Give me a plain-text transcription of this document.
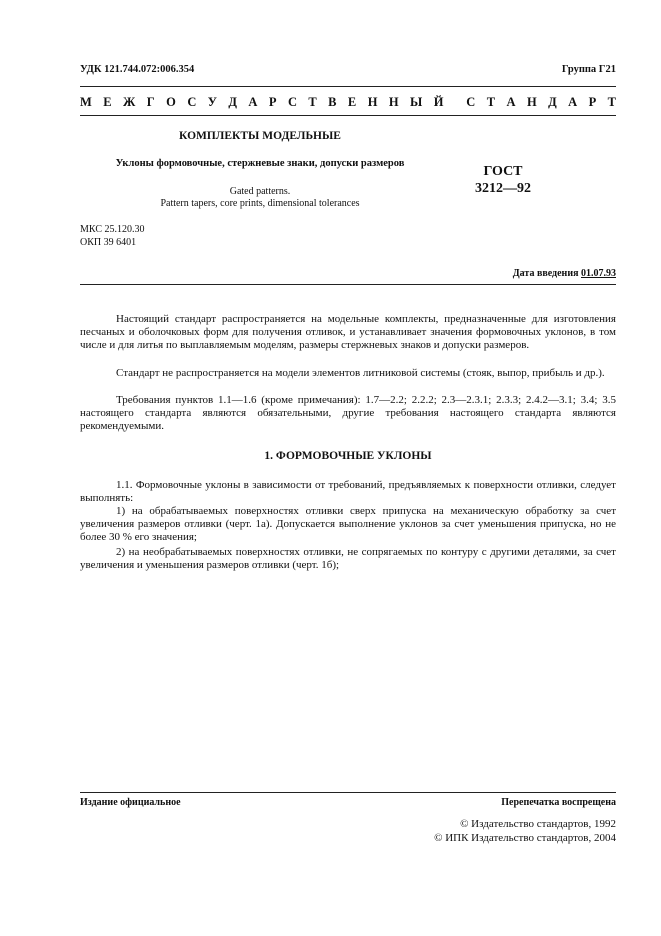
УДК 121.744.072:006.354	Группа Г21
М Е Ж Г О С У Д А Р С Т В Е Н Н Ы Й С Т А Н Д А Р Т
КОМПЛЕКТЫ МОДЕЛЬНЫЕ
Уклоны формовочные, стержневые знаки, допуски размеров
Gated patterns.
Pattern tapers, core prints, dimensional tolerances
ГОСТ
3212—92
МКС 25.120.30
ОКП 39 6401
Дата введения 01.07.93

Настоящий стандарт распространяется на модельные комплекты, предназначенные для изготовления песчаных и оболочковых форм для получения отливок, и устанавливает значения формовочных уклонов, в том числе и для литья по выплавляемым моделям, размеры стержневых знаков и допуски размеров.

Стандарт не распространяется на модели элементов литниковой системы (стояк, выпор, прибыль и др.).

Требования пунктов 1.1—1.6 (кроме примечания): 1.7—2.2; 2.2.2; 2.3—2.3.1; 2.3.3; 2.4.2—3.1; 3.4; 3.5 настоящего стандарта являются обязательными, другие требования настоящего стандарта являются рекомендуемыми.

1. ФОРМОВОЧНЫЕ УКЛОНЫ

1.1. Формовочные уклоны в зависимости от требований, предъявляемых к поверхности отливки, следует выполнять:

1) на обрабатываемых поверхностях отливки сверх припуска на механическую обработку за счет увеличения размеров отливки (черт. 1а). Допускается выполнение уклонов за счет уменьшения припуска, но не более 30 % его значения;

2) на необрабатываемых поверхностях отливки, не сопрягаемых по контуру с другими деталями, за счет увеличения и уменьшения размеров отливки (черт. 1б);

Издание официальное	Перепечатка воспрещена
© Издательство стандартов, 1992
© ИПК Издательство стандартов, 2004
